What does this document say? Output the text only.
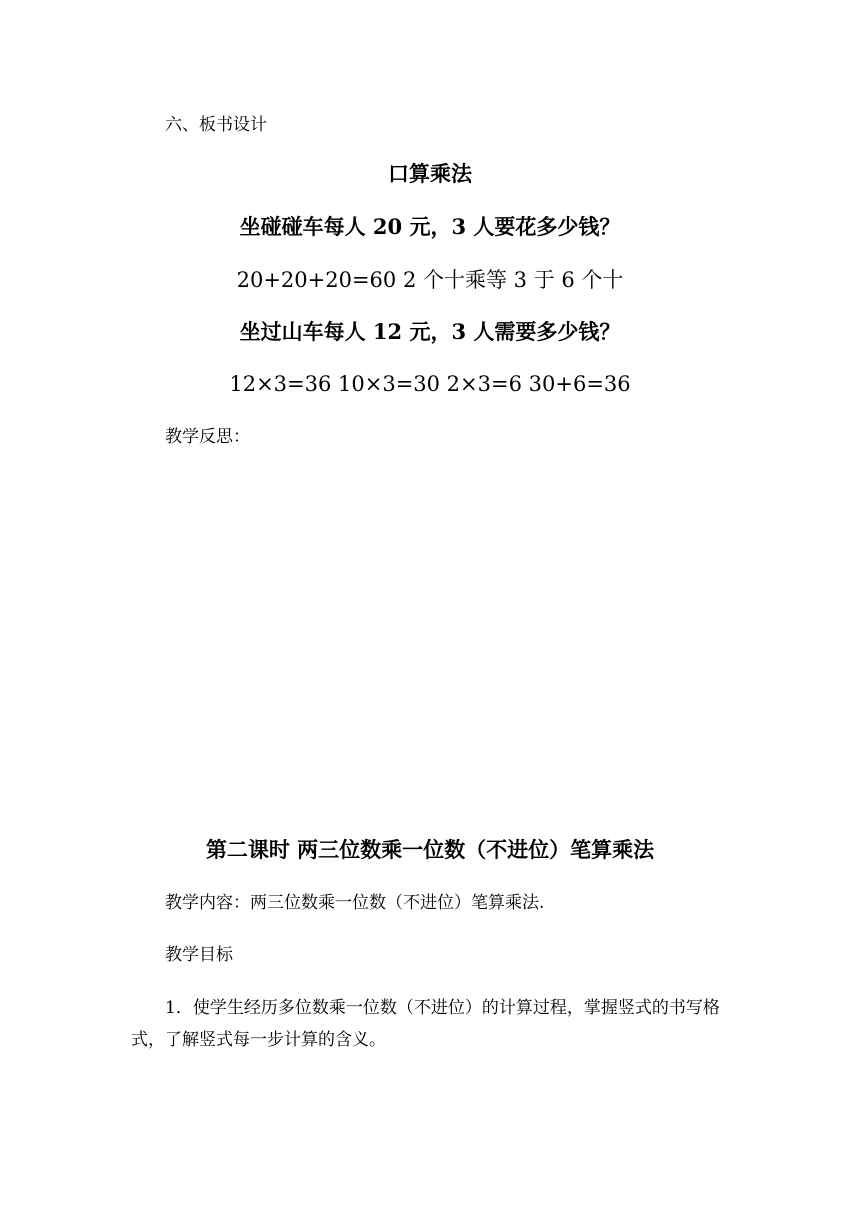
六、板书设计
口算乘法
坐碰碰车每人 20 元，3 人要花多少钱？
20+20+20=60 2 个十乘等 3 于 6 个十
坐过山车每人 12 元，3 人需要多少钱？
12×3=36 10×3=30 2×3=6 30+6=36
教学反思：
第二课时 两三位数乘一位数（不进位）笔算乘法
教学内容：两三位数乘一位数（不进位）笔算乘法.
教学目标
1．使学生经历多位数乘一位数（不进位）的计算过程，掌握竖式的书写格
式，了解竖式每一步计算的含义。
